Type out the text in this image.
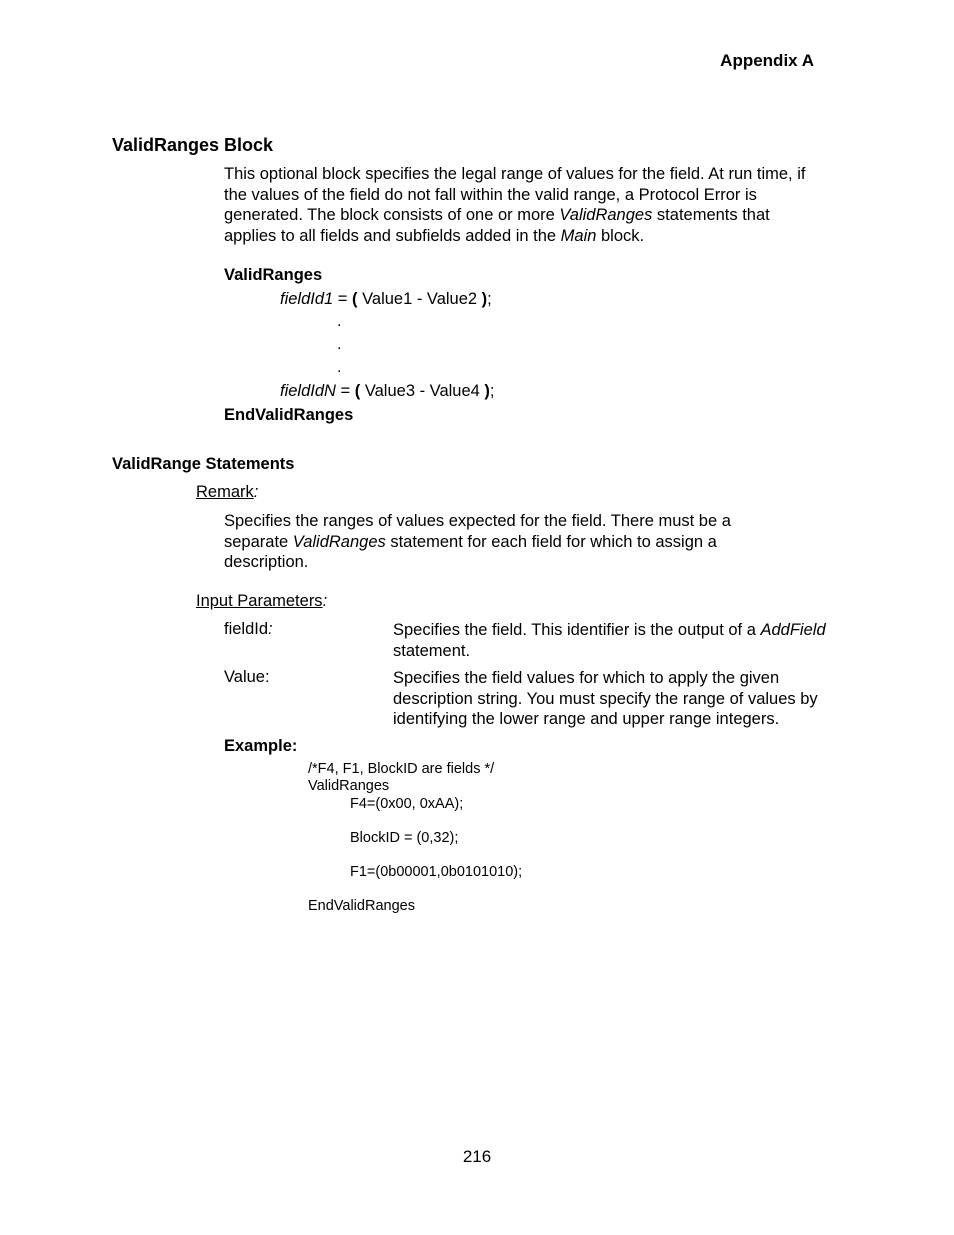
Appendix A
ValidRanges Block
This optional block specifies the legal range of values for the field. At run time, if the values of the field do not fall within the valid range, a Protocol Error is generated. The block consists of one or more ValidRanges statements that applies to all fields and subfields added in the Main block.
ValidRanges
fieldId1 = ( Value1 - Value2 );
.
.
.
fieldIdN = ( Value3 - Value4 );
EndValidRanges
ValidRange Statements
Remark:
Specifies the ranges of values expected for the field. There must be a separate ValidRanges statement for each field for which to assign a description.
Input Parameters:
fieldId:	Specifies the field. This identifier is the output of a AddField statement.
Value:	Specifies the field values for which to apply the given description string. You must specify the range of values by identifying the lower range and upper range integers.
Example:
/*F4, F1, BlockID are fields */
ValidRanges
F4=(0x00, 0xAA);
BlockID = (0,32);
F1=(0b00001,0b0101010);
EndValidRanges
216
